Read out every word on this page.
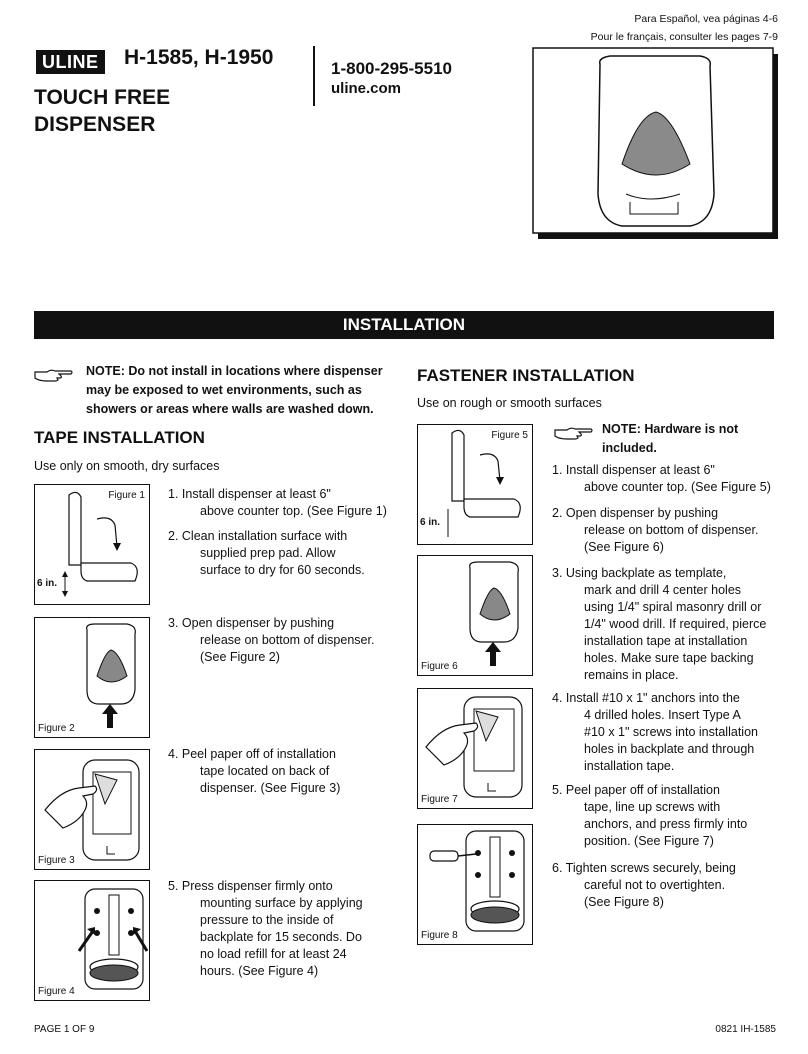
Para Español, vea páginas 4-6
Pour le français, consulter les pages 7-9
ULINE H-1585, H-1950
TOUCH FREE
DISPENSER
1-800-295-5510
uline.com
INSTALLATION
NOTE: Do not install in locations where dispenser
may be exposed to wet environments, such as
showers or areas where walls are washed down.
TAPE INSTALLATION
Use only on smooth, dry surfaces
Figure 1
6 in.
Figure 2
Figure 3
Figure 4
1. Install dispenser at least 6"
above counter top. (See Figure 1)
2. Clean installation surface with
supplied prep pad. Allow
surface to dry for 60 seconds.
3. Open dispenser by pushing
release on bottom of dispenser.
(See Figure 2)
4. Peel paper off of installation
tape located on back of
dispenser. (See Figure 3)
5. Press dispenser firmly onto
mounting surface by applying
pressure to the inside of
backplate for 15 seconds. Do
no load refill for at least 24
hours. (See Figure 4)
FASTENER INSTALLATION
Use on rough or smooth surfaces
NOTE: Hardware is not
included.
Figure 5
6 in.
Figure 6
Figure 7
Figure 8
1. Install dispenser at least 6"
above counter top. (See Figure 5)
2. Open dispenser by pushing
release on bottom of dispenser.
(See Figure 6)
3. Using backplate as template,
mark and drill 4 center holes
using 1/4" spiral masonry drill or
1/4" wood drill. If required, pierce
installation tape at installation
holes. Make sure tape backing
remains in place.
4. Install #10 x 1" anchors into the
4 drilled holes. Insert Type A
#10 x 1" screws into installation
holes in backplate and through
installation tape.
5. Peel paper off of installation
tape, line up screws with
anchors, and press firmly into
position. (See Figure 7)
6. Tighten screws securely, being
careful not to overtighten.
(See Figure 8)
PAGE 1 OF 9	0821 IH-1585
